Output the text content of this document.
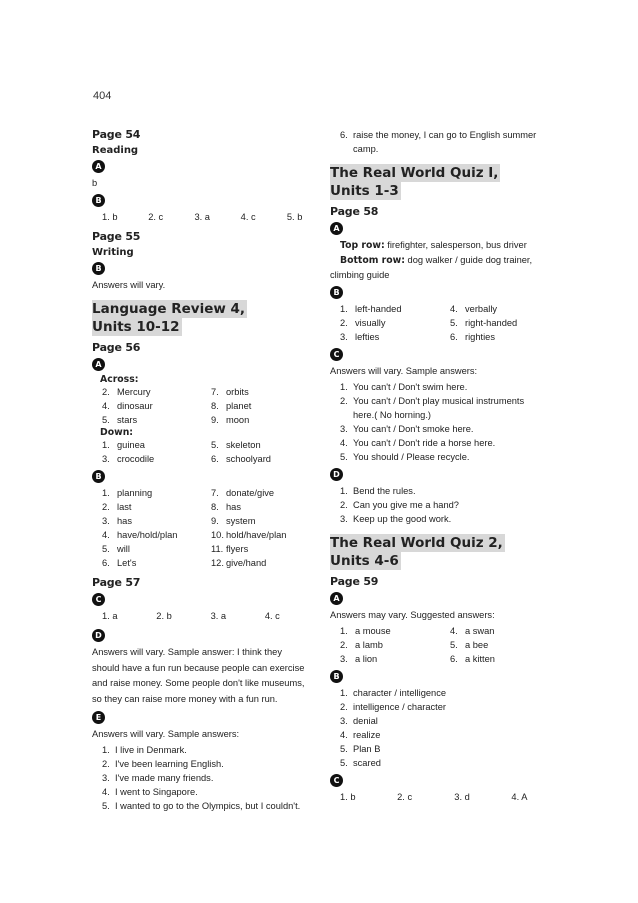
404
Page 54
Reading
A
b
B
1. b	2. c	3. a	4. c	5. b
Page 55
Writing
B
Answers will vary.
Language Review 4,
Units 10-12
Page 56
A
Across:
2. Mercury	7. orbits
4. dinosaur	8. planet
5. stars	9. moon
Down:
1. guinea	5. skeleton
3. crocodile	6. schoolyard
B
1. planning	7. donate/give
2. last	8. has
3. has	9. system
4. have/hold/plan	10. hold/have/plan
5. will	11. flyers
6. Let's	12. give/hand
Page 57
C
1. a	2. b	3. a	4. c
D
Answers will vary. Sample answer: I think they should have a fun run because people can exercise and raise money. Some people don't like museums, so they can raise more money with a fun run.
E
Answers will vary. Sample answers:
1. I live in Denmark.
2. I've been learning English.
3. I've made many friends.
4. I went to Singapore.
5. I wanted to go to the Olympics, but I couldn't.
6. raise the money, I can go to English summer
camp.
The Real World Quiz I,
Units 1-3
Page 58
A
Top row: firefighter, salesperson, bus driver
Bottom row: dog walker / guide dog trainer,
climbing guide
B
1. left-handed	4. verbally
2. visually	5. right-handed
3. lefties	6. righties
C
Answers will vary. Sample answers:
1. You can't / Don't swim here.
2. You can't / Don't play musical instruments
here.( No horning.)
3. You can't / Don't smoke here.
4. You can't / Don't ride a horse here.
5. You should / Please recycle.
D
1. Bend the rules.
2. Can you give me a hand?
3. Keep up the good work.
The Real World Quiz 2,
Units 4-6
Page 59
A
Answers may vary. Suggested answers:
1. a mouse	4. a swan
2. a lamb	5. a bee
3. a lion	6. a kitten
B
1. character / intelligence
2. intelligence / character
3. denial
4. realize
5. Plan B
5. scared
C
1. b	2. c	3. d	4. A
